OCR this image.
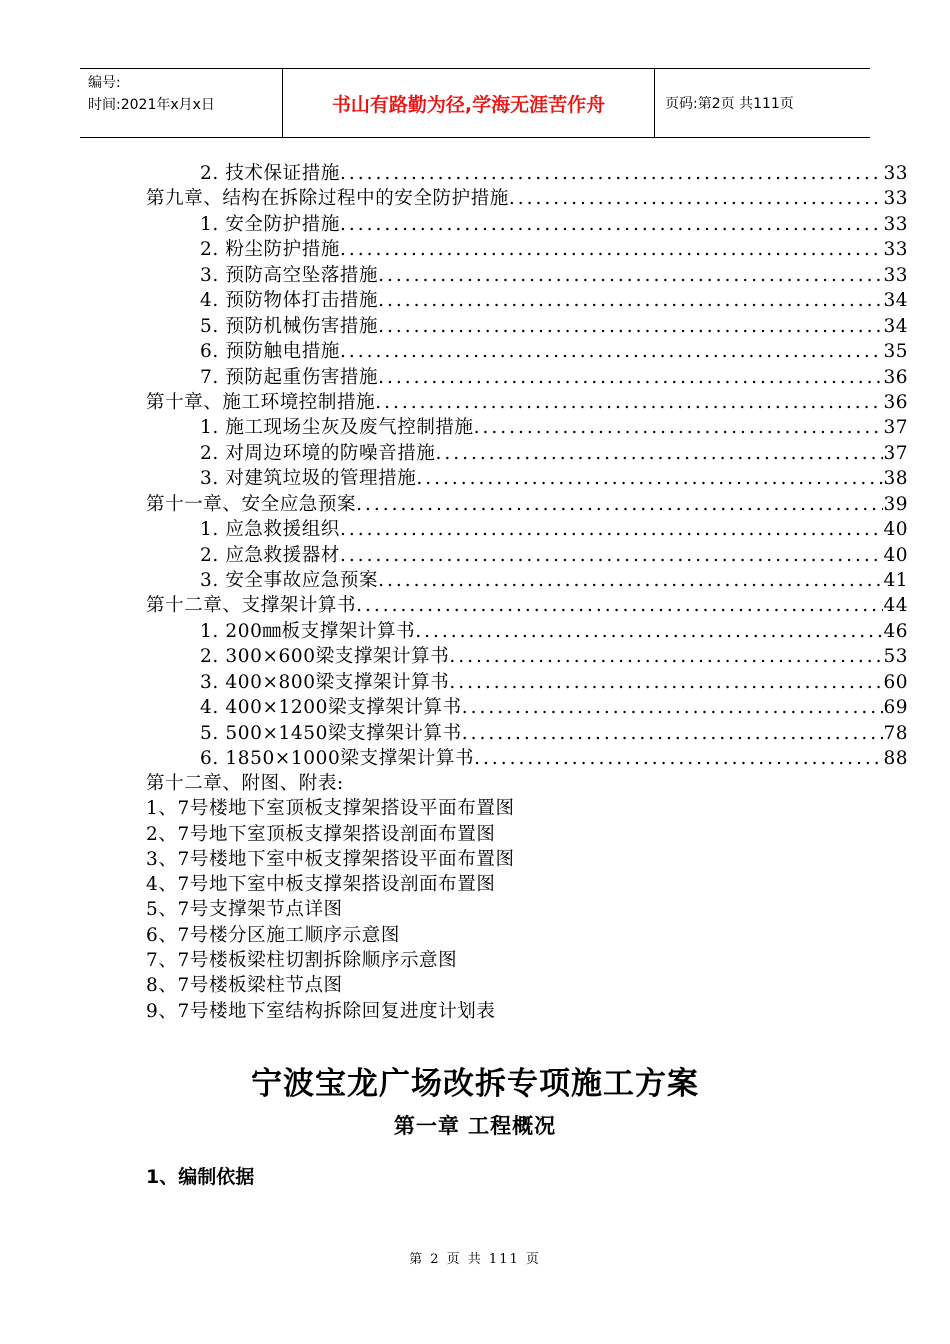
编号:
时间:2021年x月x日	书山有路勤为径,学海无涯苦作舟	页码:第2页 共111页
2. 技术保证措施 .....	33
第九章、结构在拆除过程中的安全防护措施 .....	33
1. 安全防护措施 .....	33
2. 粉尘防护措施 .....	33
3. 预防高空坠落措施 .....	33
4. 预防物体打击措施 .....	34
5. 预防机械伤害措施 .....	34
6. 预防触电措施 .....	35
7. 预防起重伤害措施 .....	36
第十章、施工环境控制措施 .....	36
1. 施工现场尘灰及废气控制措施 .....	37
2. 对周边环境的防噪音措施 .....	37
3. 对建筑垃圾的管理措施 .....	38
第十一章、安全应急预案 .....	39
1. 应急救援组织 .....	40
2. 应急救援器材 .....	40
3. 安全事故应急预案 .....	41
第十二章、支撑架计算书 .....	44
1. 200㎜板支撑架计算书 .....	46
2. 300×600梁支撑架计算书 .....	53
3. 400×800梁支撑架计算书 .....	60
4. 400×1200梁支撑架计算书 .....	69
5. 500×1450梁支撑架计算书 .....	78
6. 1850×1000梁支撑架计算书 .....	88
第十二章、附图、附表:
1、7号楼地下室顶板支撑架搭设平面布置图
2、7号地下室顶板支撑架搭设剖面布置图
3、7号楼地下室中板支撑架搭设平面布置图
4、7号地下室中板支撑架搭设剖面布置图
5、7号支撑架节点详图
6、7号楼分区施工顺序示意图
7、7号楼板梁柱切割拆除顺序示意图
8、7号楼板梁柱节点图
9、7号楼地下室结构拆除回复进度计划表
宁波宝龙广场改拆专项施工方案
第一章 工程概况
1、编制依据
第 2 页 共 111 页
